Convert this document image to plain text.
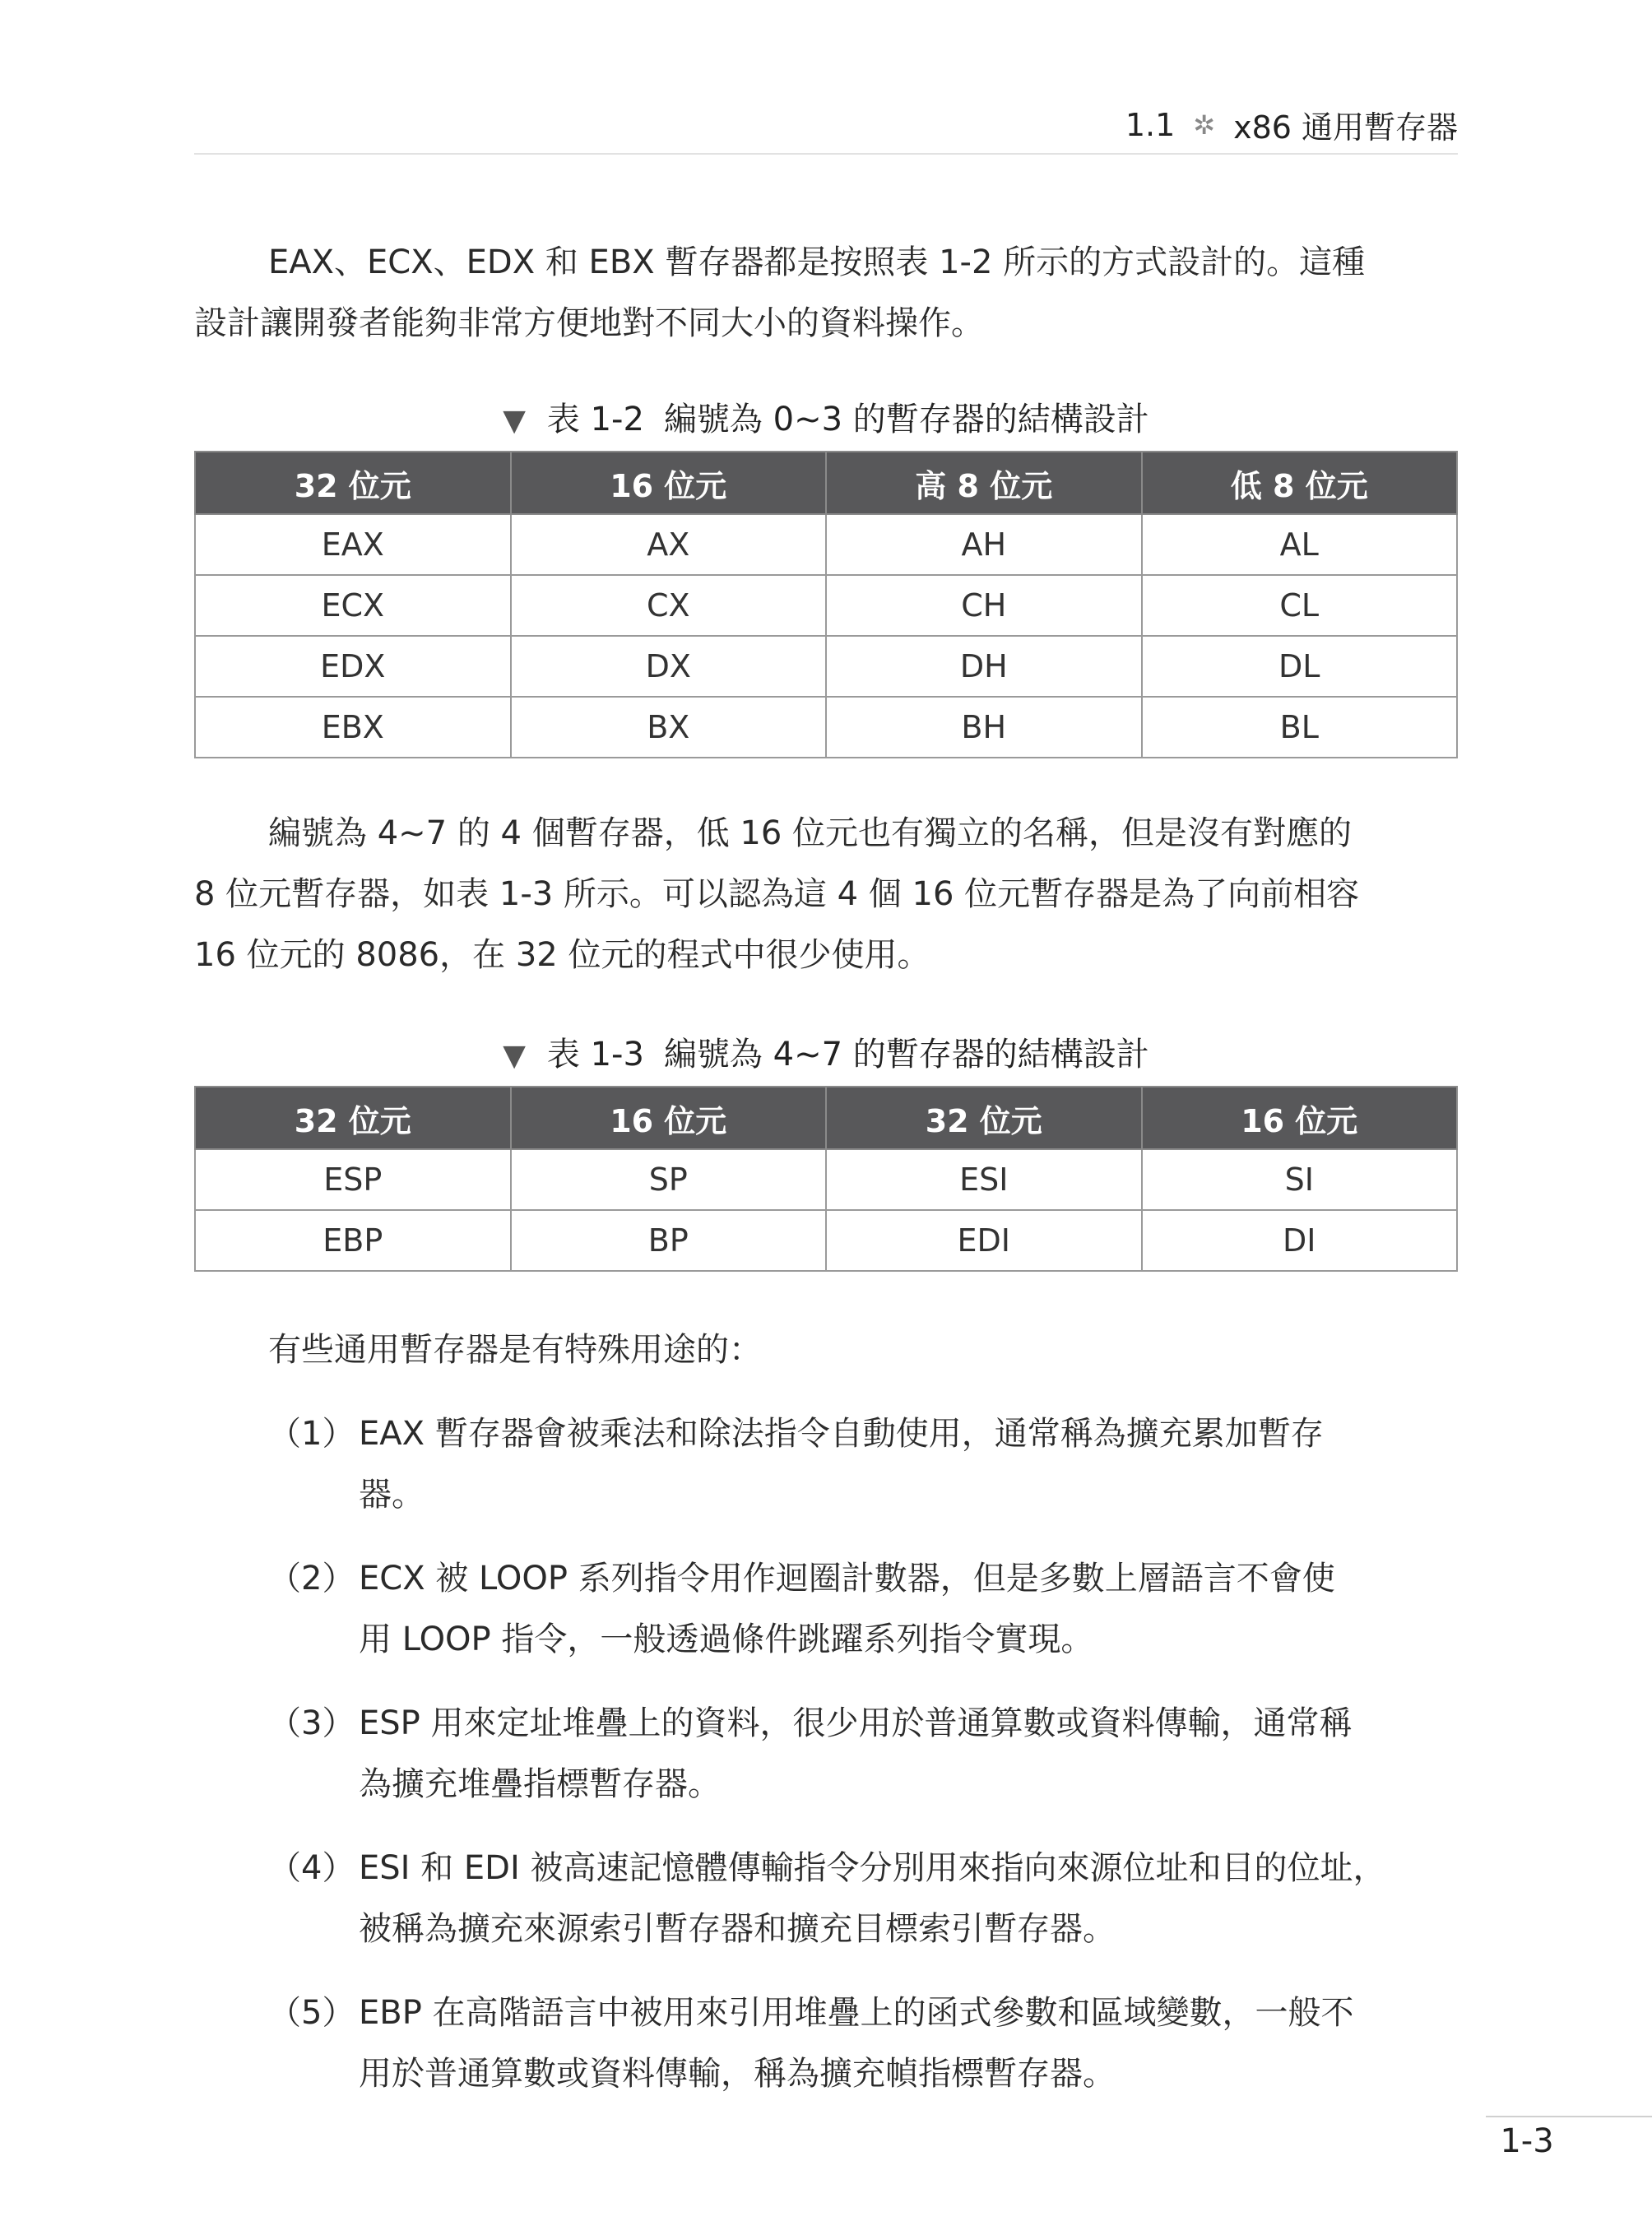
1.1 ✲ x86 通用暫存器

EAX、ECX、EDX 和 EBX 暫存器都是按照表 1-2 所示的方式設計的。這種

設計讓開發者能夠非常方便地對不同大小的資料操作。

▼ 表 1-2 編號為 0~3 的暫存器的結構設計
32 位元	16 位元	高 8 位元	低 8 位元
EAX	AX	AH	AL
ECX	CX	CH	CL
EDX	DX	DH	DL
EBX	BX	BH	BL

編號為 4~7 的 4 個暫存器，低 16 位元也有獨立的名稱，但是沒有對應的

8 位元暫存器，如表 1-3 所示。可以認為這 4 個 16 位元暫存器是為了向前相容

16 位元的 8086，在 32 位元的程式中很少使用。

▼ 表 1-3 編號為 4~7 的暫存器的結構設計
32 位元	16 位元	32 位元	16 位元
ESP	SP	ESI	SI
EBP	BP	EDI	DI

有些通用暫存器是有特殊用途的：

（1） EAX 暫存器會被乘法和除法指令自動使用，通常稱為擴充累加暫存
器。
（2） ECX 被 LOOP 系列指令用作迴圈計數器，但是多數上層語言不會使
用 LOOP 指令，一般透過條件跳躍系列指令實現。
（3） ESP 用來定址堆疊上的資料，很少用於普通算數或資料傳輸，通常稱
為擴充堆疊指標暫存器。
（4） ESI 和 EDI 被高速記憶體傳輸指令分別用來指向來源位址和目的位址，
被稱為擴充來源索引暫存器和擴充目標索引暫存器。
（5） EBP 在高階語言中被用來引用堆疊上的函式參數和區域變數，一般不
用於普通算數或資料傳輸，稱為擴充幀指標暫存器。
1-3
